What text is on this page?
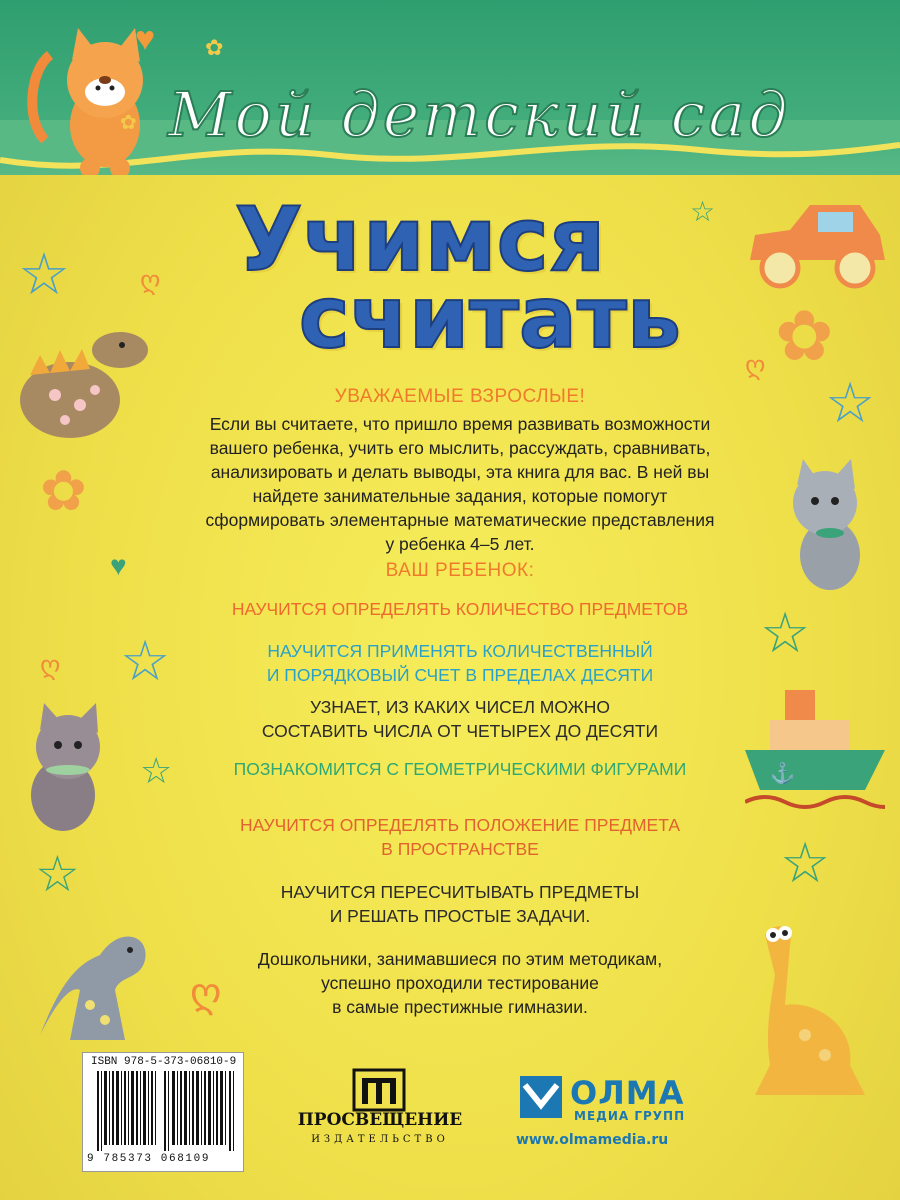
♥ ✿
✿ Мой детский сад
Учимся
считать
☆	ღ
✿
♥
☆
ღ
☆
☆
☆
✿
ღ
☆
☆
⚓
☆
ღ
УВАЖАЕМЫЕ ВЗРОСЛЫЕ!
Если вы считаете, что пришло время развивать возможности
вашего ребенка, учить его мыслить, рассуждать, сравнивать,
анализировать и делать выводы, эта книга для вас. В ней вы
найдете занимательные задания, которые помогут
сформировать элементарные математические представления
у ребенка 4–5 лет.
ВАШ РЕБЕНОК:
НАУЧИТСЯ ОПРЕДЕЛЯТЬ КОЛИЧЕСТВО ПРЕДМЕТОВ
НАУЧИТСЯ ПРИМЕНЯТЬ КОЛИЧЕСТВЕННЫЙ
И ПОРЯДКОВЫЙ СЧЕТ В ПРЕДЕЛАХ ДЕСЯТИ
УЗНАЕТ, ИЗ КАКИХ ЧИСЕЛ МОЖНО
СОСТАВИТЬ ЧИСЛА ОТ ЧЕТЫРЕХ ДО ДЕСЯТИ
ПОЗНАКОМИТСЯ С ГЕОМЕТРИЧЕСКИМИ ФИГУРАМИ
НАУЧИТСЯ ОПРЕДЕЛЯТЬ ПОЛОЖЕНИЕ ПРЕДМЕТА
В ПРОСТРАНСТВЕ
НАУЧИТСЯ ПЕРЕСЧИТЫВАТЬ ПРЕДМЕТЫ
И РЕШАТЬ ПРОСТЫЕ ЗАДАЧИ.
Дошкольники, занимавшиеся по этим методикам,
успешно проходили тестирование
в самые престижные гимназии.
ISBN 978-5-373-06810-9
9 785373 068109
ПРОСВЕЩЕНИЕ
ИЗДАТЕЛЬСТВО
ОЛМА
МЕДИА ГРУПП
www.olmamedia.ru
